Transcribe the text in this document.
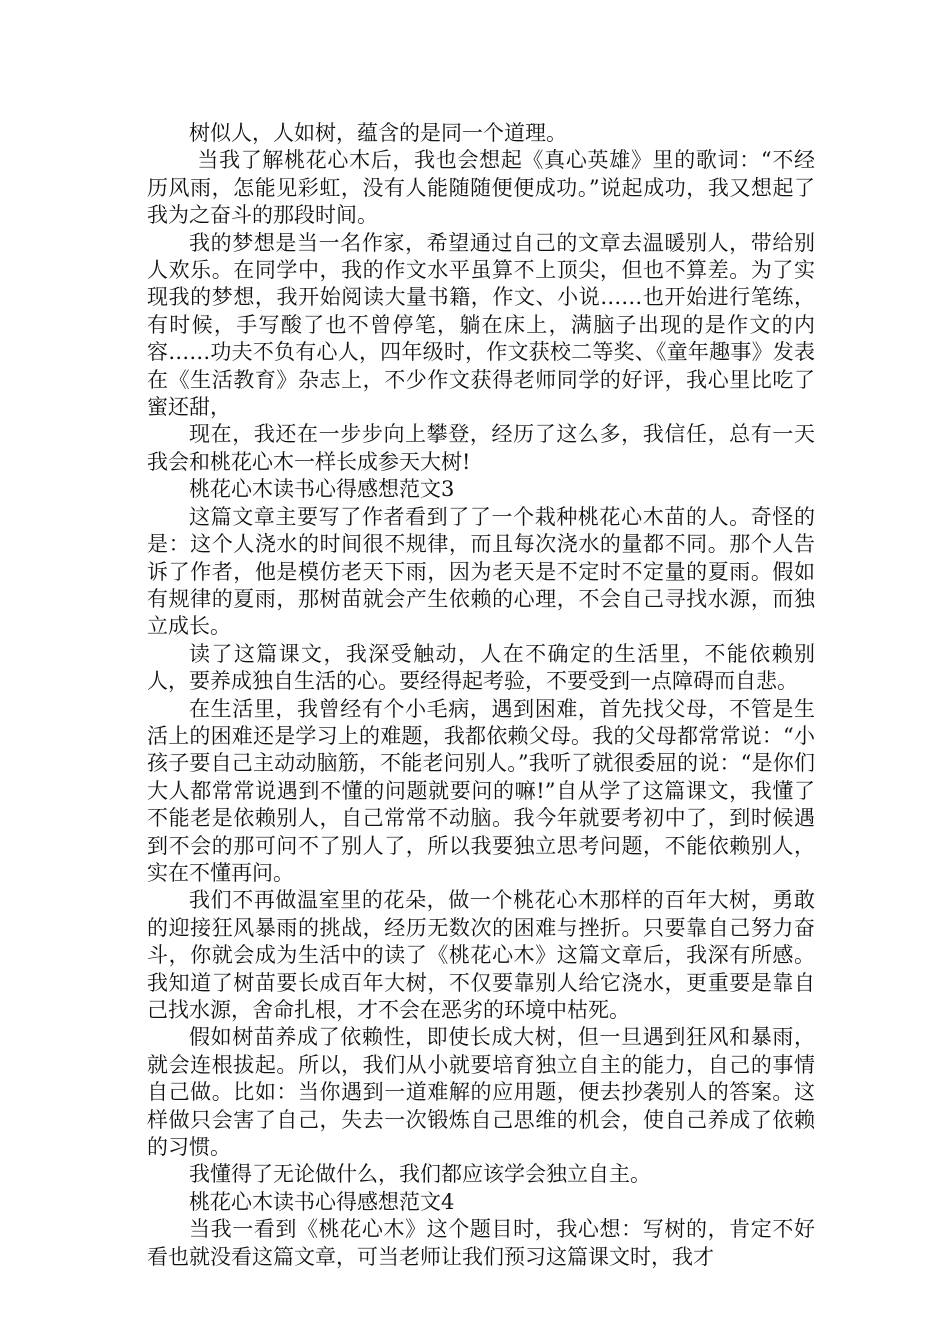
树似人，人如树，蕴含的是同一个道理。

当我了解桃花心木后，我也会想起《真心英雄》里的歌词：“不经历风雨，怎能见彩虹，没有人能随随便便成功。”说起成功，我又想起了我为之奋斗的那段时间。

我的梦想是当一名作家，希望通过自己的文章去温暖别人，带给别人欢乐。在同学中，我的作文水平虽算不上顶尖，但也不算差。为了实现我的梦想，我开始阅读大量书籍，作文、小说……也开始进行笔练，有时候，手写酸了也不曾停笔，躺在床上，满脑子出现的是作文的内容……功夫不负有心人，四年级时，作文获校二等奖、《童年趣事》发表在《生活教育》杂志上，不少作文获得老师同学的好评，我心里比吃了蜜还甜，

现在，我还在一步步向上攀登，经历了这么多，我信任，总有一天我会和桃花心木一样长成参天大树!

桃花心木读书心得感想范文3

这篇文章主要写了作者看到了了一个栽种桃花心木苗的人。奇怪的是：这个人浇水的时间很不规律，而且每次浇水的量都不同。那个人告诉了作者，他是模仿老天下雨，因为老天是不定时不定量的夏雨。假如有规律的夏雨，那树苗就会产生依赖的心理，不会自己寻找水源，而独立成长。

读了这篇课文，我深受触动，人在不确定的生活里，不能依赖别人，要养成独自生活的心。要经得起考验，不要受到一点障碍而自悲。

在生活里，我曾经有个小毛病，遇到困难，首先找父母，不管是生活上的困难还是学习上的难题，我都依赖父母。我的父母都常常说：“小孩子要自己主动动脑筋，不能老问别人。”我听了就很委屈的说：“是你们大人都常常说遇到不懂的问题就要问的嘛!”自从学了这篇课文，我懂了不能老是依赖别人，自己常常不动脑。我今年就要考初中了，到时候遇到不会的那可问不了别人了，所以我要独立思考问题，不能依赖别人，实在不懂再问。

我们不再做温室里的花朵，做一个桃花心木那样的百年大树，勇敢的迎接狂风暴雨的挑战，经历无数次的困难与挫折。只要靠自己努力奋斗，你就会成为生活中的读了《桃花心木》这篇文章后，我深有所感。我知道了树苗要长成百年大树，不仅要靠别人给它浇水，更重要是靠自己找水源，舍命扎根，才不会在恶劣的环境中枯死。

假如树苗养成了依赖性，即使长成大树，但一旦遇到狂风和暴雨，就会连根拔起。所以，我们从小就要培育独立自主的能力，自己的事情自己做。比如：当你遇到一道难解的应用题，便去抄袭别人的答案。这样做只会害了自己，失去一次锻炼自己思维的机会，使自己养成了依赖的习惯。

我懂得了无论做什么，我们都应该学会独立自主。

桃花心木读书心得感想范文4

当我一看到《桃花心木》这个题目时，我心想：写树的，肯定不好看也就没看这篇文章，可当老师让我们预习这篇课文时，我才
